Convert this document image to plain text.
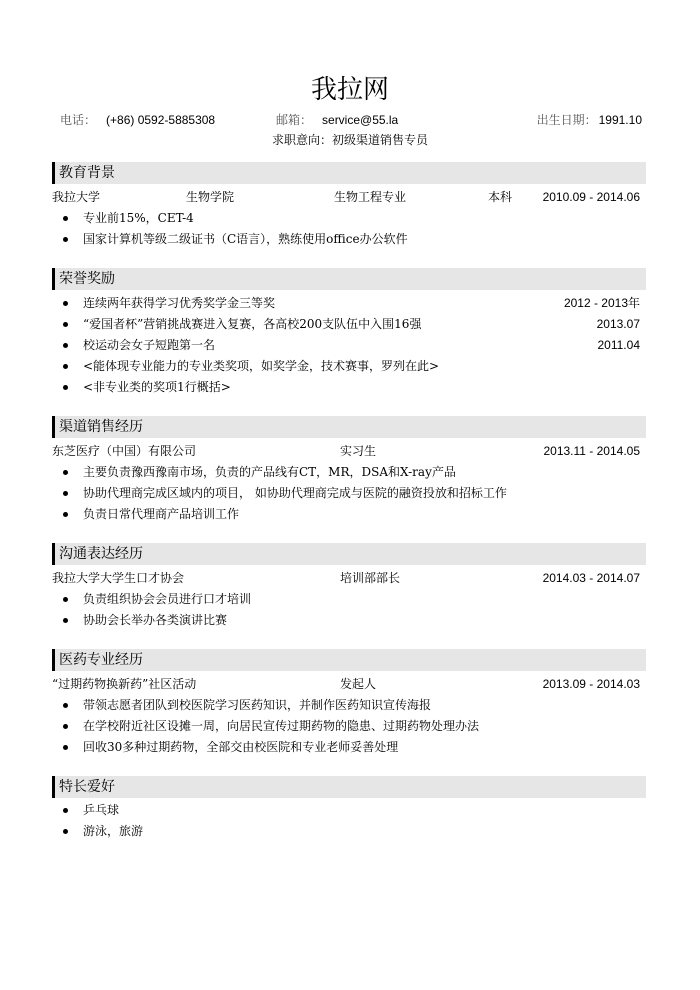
我拉网
电话： (+86) 0592-5885308	邮箱： service@55.la	出生日期： 1991.10
求职意向：初级渠道销售专员
教育背景
我拉大学	生物学院	生物工程专业	本科	2010.09 - 2014.06
专业前15%，CET-4
国家计算机等级二级证书（C语言），熟练使用office办公软件
荣誉奖励
连续两年获得学习优秀奖学金三等奖	2012 - 2013年
“爱国者杯”营销挑战赛进入复赛，各高校200支队伍中入围16强	2013.07
校运动会女子短跑第一名	2011.04
<能体现专业能力的专业类奖项，如奖学金，技术赛事，罗列在此>
<非专业类的奖项1行概括>
渠道销售经历
东芝医疗（中国）有限公司	实习生	2013.11 - 2014.05
主要负责豫西豫南市场，负责的产品线有CT，MR，DSA和X-ray产品
协助代理商完成区域内的项目， 如协助代理商完成与医院的融资投放和招标工作
负责日常代理商产品培训工作
沟通表达经历
我拉大学大学生口才协会	培训部部长	2014.03 - 2014.07
负责组织协会会员进行口才培训
协助会长举办各类演讲比赛
医药专业经历
“过期药物换新药”社区活动	发起人	2013.09 - 2014.03
带领志愿者团队到校医院学习医药知识，并制作医药知识宣传海报
在学校附近社区设摊一周，向居民宣传过期药物的隐患、过期药物处理办法
回收30多种过期药物，全部交由校医院和专业老师妥善处理
特长爱好
乒乓球
游泳，旅游
